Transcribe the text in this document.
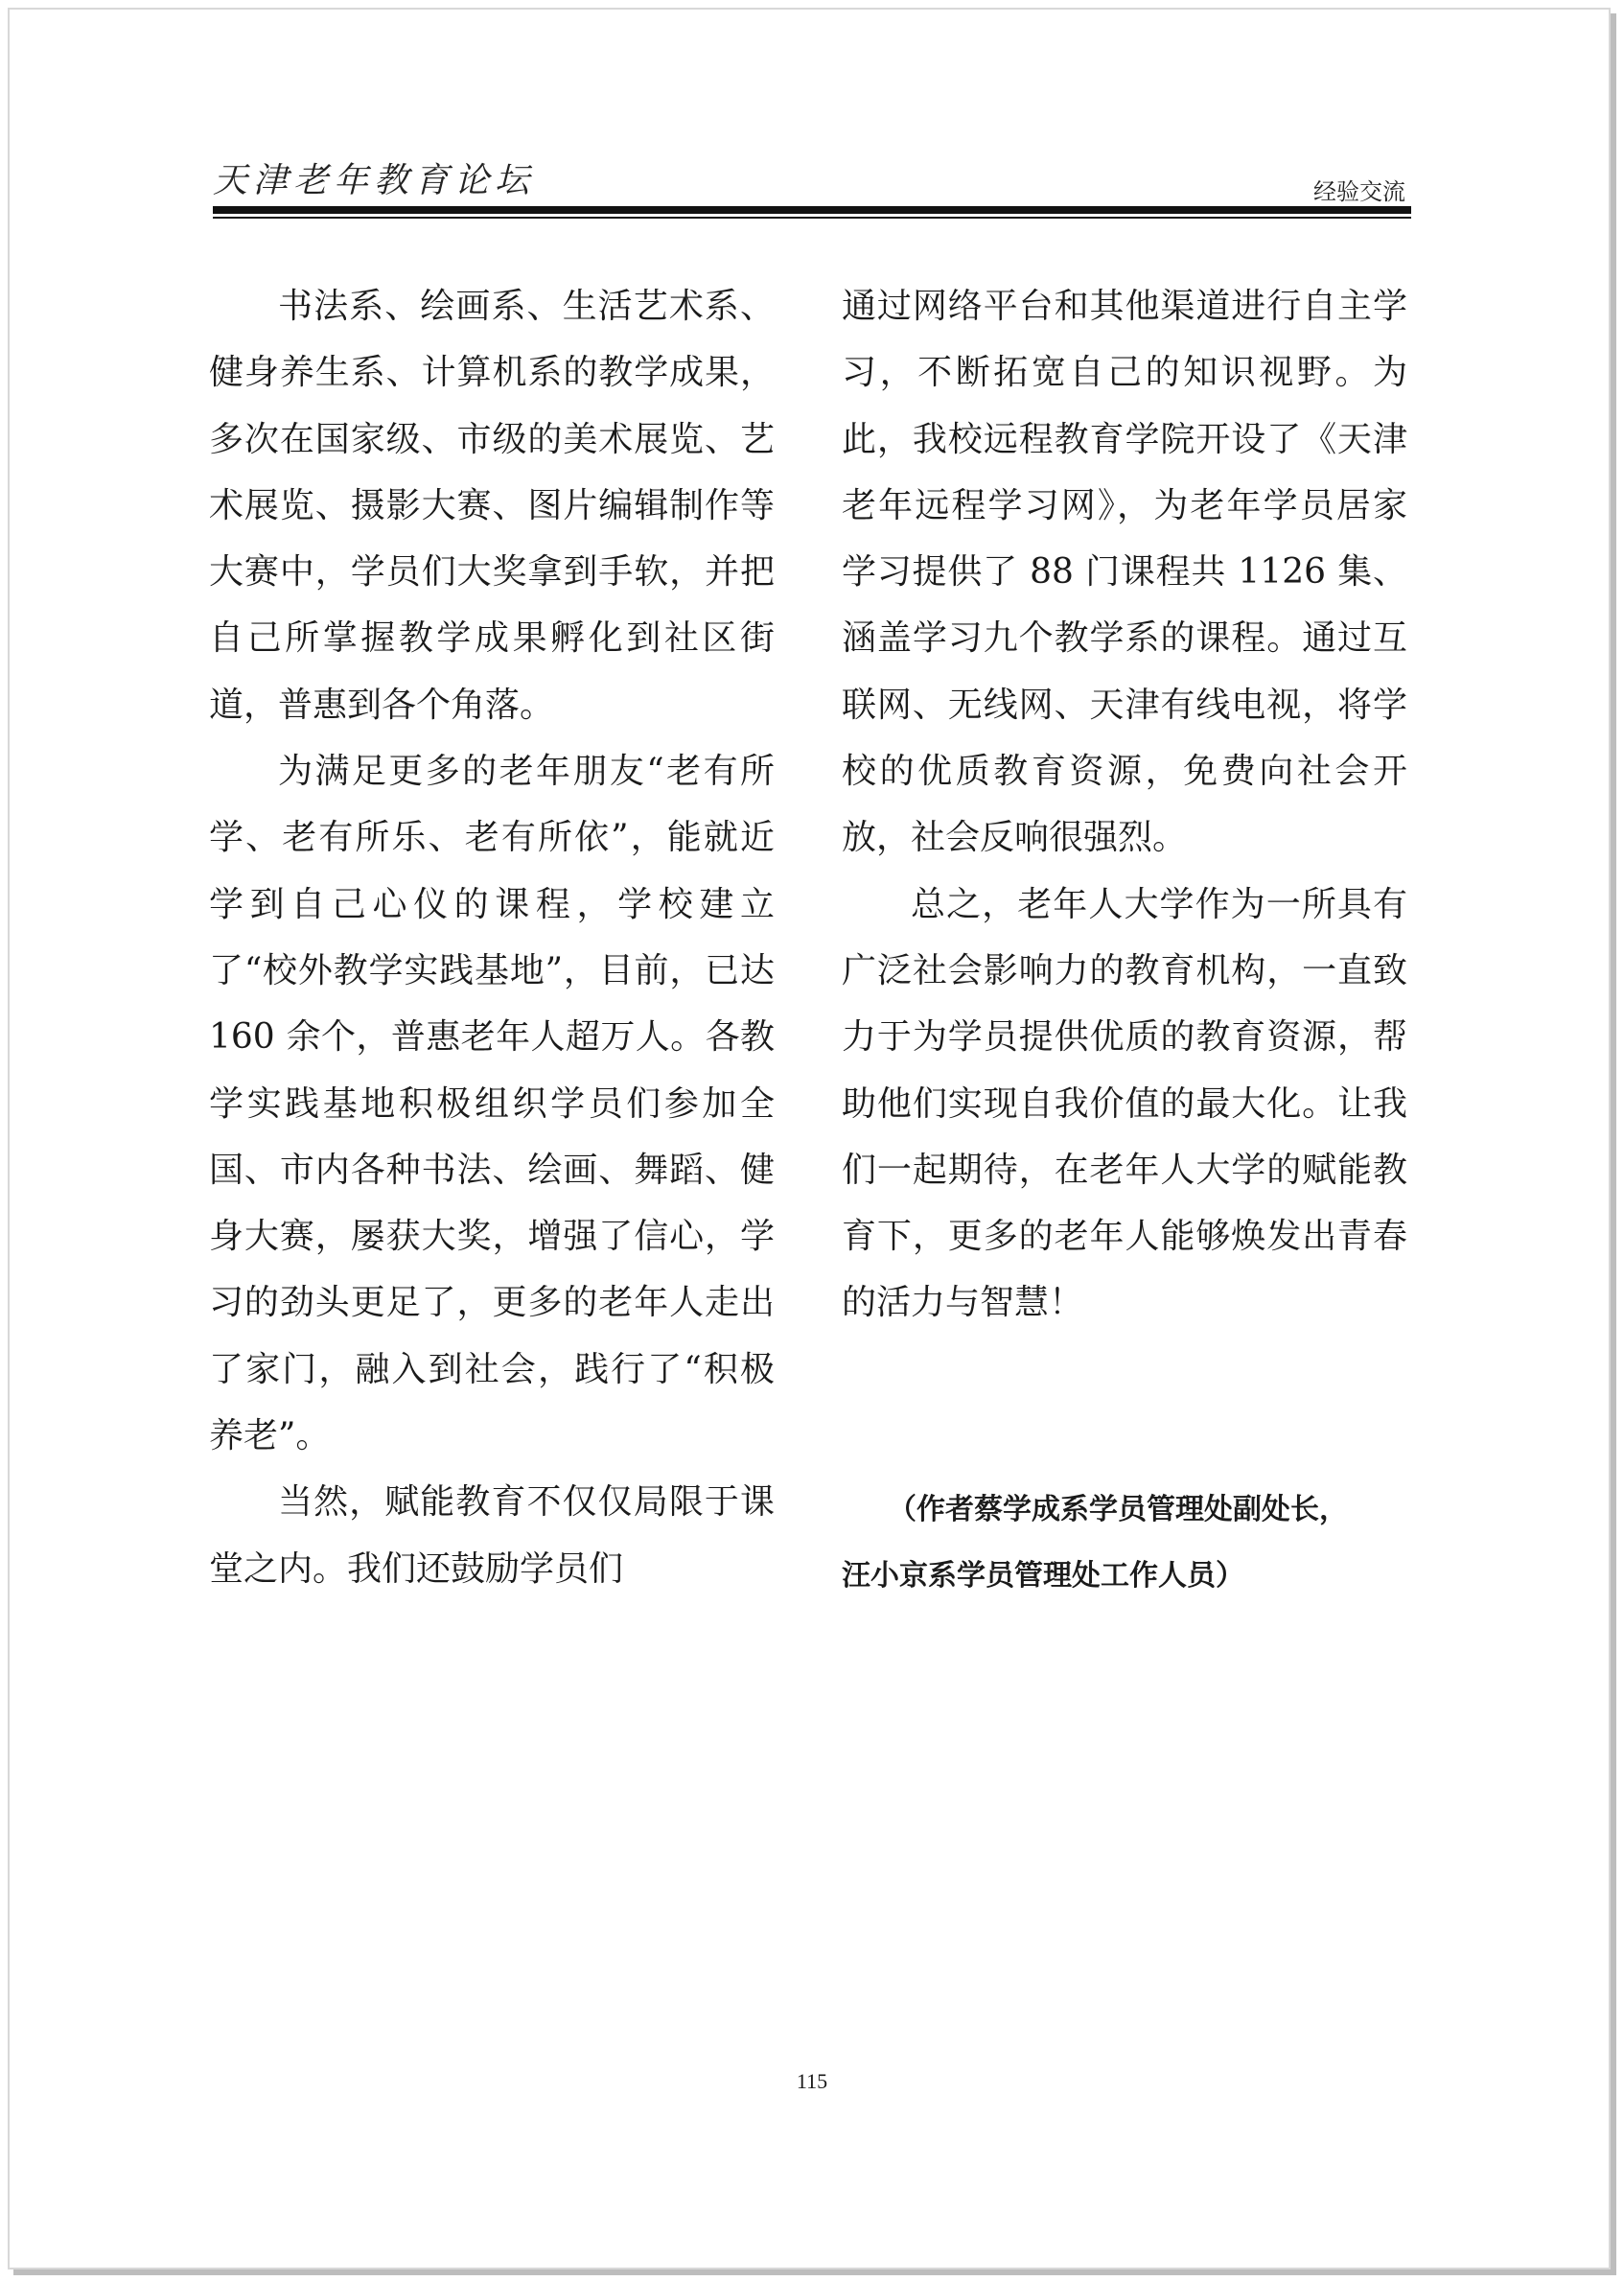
天津老年教育论坛	经验交流

书法系、绘画系、生活艺术系、健身养生系、计算机系的教学成果，多次在国家级、市级的美术展览、艺术展览、摄影大赛、图片编辑制作等大赛中，学员们大奖拿到手软，并把自己所掌握教学成果孵化到社区街道，普惠到各个角落。

为满足更多的老年朋友“老有所学、老有所乐、老有所依”，能就近学到自己心仪的课程，学校建立了“校外教学实践基地”，目前，已达 160 余个，普惠老年人超万人。各教学实践基地积极组织学员们参加全国、市内各种书法、绘画、舞蹈、健身大赛，屡获大奖，增强了信心，学习的劲头更足了，更多的老年人走出了家门，融入到社会，践行了“积极养老”。

当然，赋能教育不仅仅局限于课堂之内。我们还鼓励学员们

通过网络平台和其他渠道进行自主学习，不断拓宽自己的知识视野。为此，我校远程教育学院开设了《天津老年远程学习网》，为老年学员居家学习提供了 88 门课程共 1126 集、涵盖学习九个教学系的课程。通过互联网、无线网、天津有线电视，将学校的优质教育资源，免费向社会开放，社会反响很强烈。

总之，老年人大学作为一所具有广泛社会影响力的教育机构，一直致力于为学员提供优质的教育资源，帮助他们实现自我价值的最大化。让我们一起期待，在老年人大学的赋能教育下，更多的老年人能够焕发出青春的活力与智慧！

（作者蔡学成系学员管理处副处长，
汪小京系学员管理处工作人员）
115
